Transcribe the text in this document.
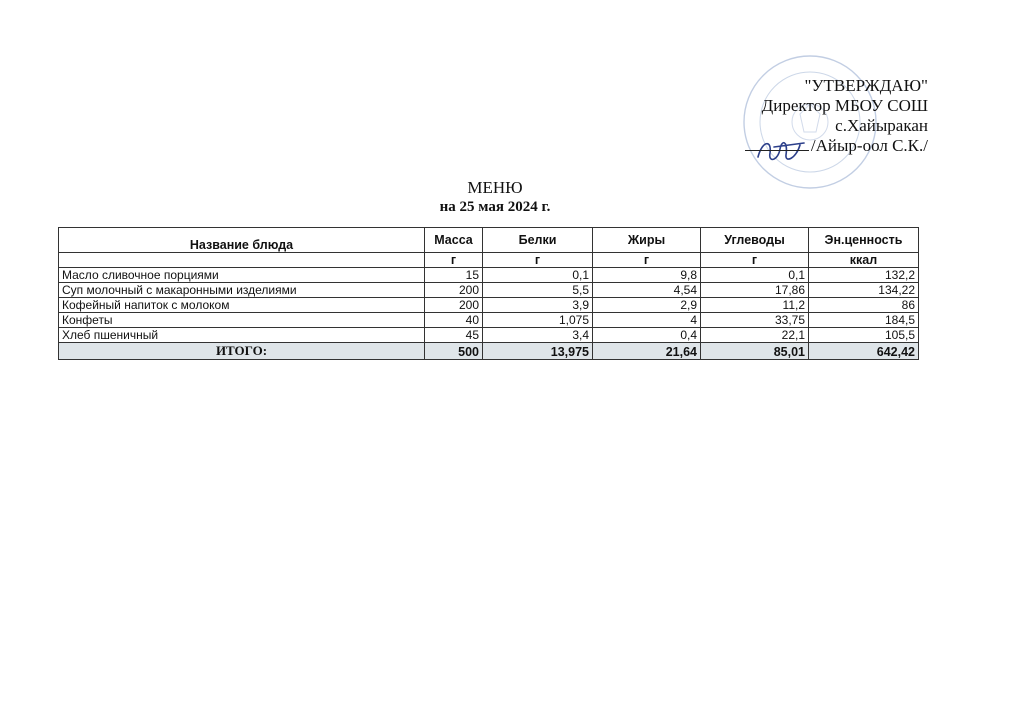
"УТВЕРЖДАЮ"
Директор МБОУ СОШ
с.Хайыракан
/Айыр-оол С.К./
МЕНЮ
на 25 мая 2024 г.
Название блюда	Масса	Белки	Жиры	Углеводы	Эн.ценность
	г	г	г	г	ккал
Масло сливочное порциями	15	0,1	9,8	0,1	132,2
Суп молочный с макаронными изделиями	200	5,5	4,54	17,86	134,22
Кофейный напиток с молоком	200	3,9	2,9	11,2	86
Конфеты	40	1,075	4	33,75	184,5
Хлеб пшеничный	45	3,4	0,4	22,1	105,5
ИТОГО:	500	13,975	21,64	85,01	642,42
